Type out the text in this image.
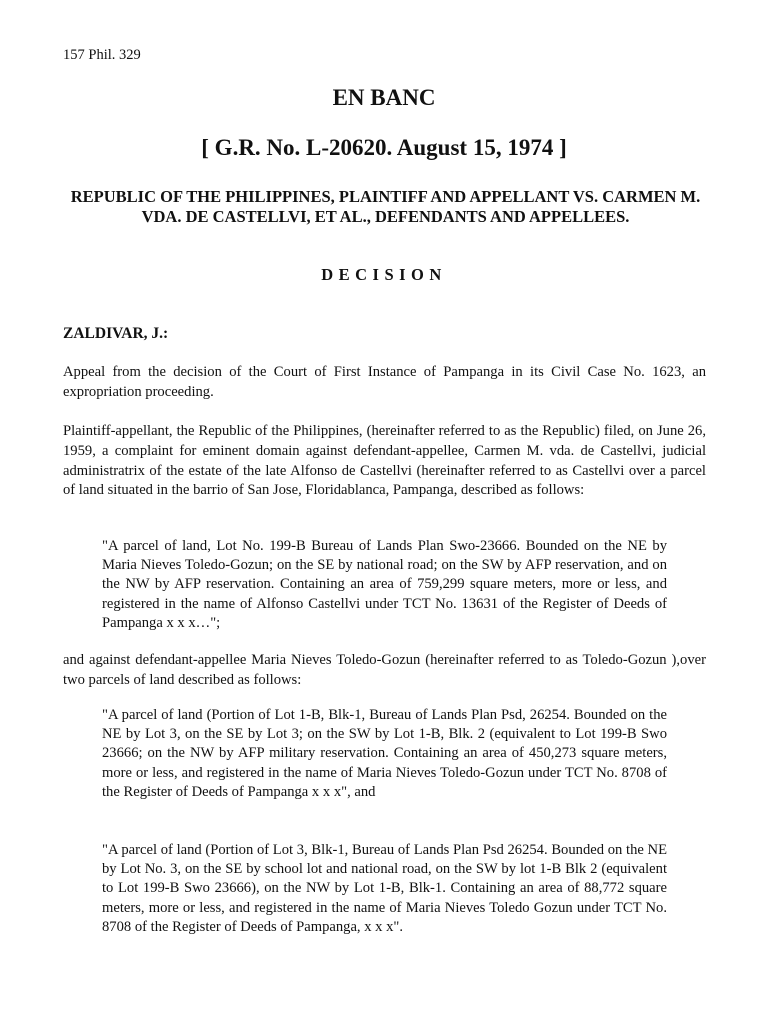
157 Phil. 329
EN BANC
[ G.R. No. L-20620. August 15, 1974 ]
REPUBLIC OF THE PHILIPPINES, PLAINTIFF AND APPELLANT VS. CARMEN M. VDA. DE CASTELLVI, ET AL., DEFENDANTS AND APPELLEES.
DECISION
ZALDIVAR, J.:

Appeal from the decision of the Court of First Instance of Pampanga in its Civil Case No. 1623, an expropriation proceeding.

Plaintiff-appellant, the Republic of the Philippines, (hereinafter referred to as the Republic) filed, on June 26, 1959, a complaint for eminent domain against defendant-appellee, Carmen M. vda. de Castellvi, judicial administratrix of the estate of the late Alfonso de Castellvi (hereinafter referred to as Castellvi over a parcel of land situated in the barrio of San Jose, Floridablanca, Pampanga, described as follows:

"A parcel of land, Lot No. 199-B Bureau of Lands Plan Swo-23666. Bounded on the NE by Maria Nieves Toledo-Gozun; on the SE by national road; on the SW by AFP reservation, and on the NW by AFP reservation. Containing an area of 759,299 square meters, more or less, and registered in the name of Alfonso Castellvi under TCT No. 13631 of the Register of Deeds of Pampanga x x x…";

and against defendant-appellee Maria Nieves Toledo-Gozun (hereinafter referred to as Toledo-Gozun ),over two parcels of land described as follows:

"A parcel of land (Portion of Lot 1-B, Blk-1, Bureau of Lands Plan Psd, 26254. Bounded on the NE by Lot 3, on the SE by Lot 3; on the SW by Lot 1-B, Blk. 2 (equivalent to Lot 199-B Swo 23666; on the NW by AFP military reservation. Containing an area of 450,273 square meters, more or less, and registered in the name of Maria Nieves Toledo-Gozun under TCT No. 8708 of the Register of Deeds of Pampanga x x x", and

"A parcel of land (Portion of Lot 3, Blk-1, Bureau of Lands Plan Psd 26254. Bounded on the NE by Lot No. 3, on the SE by school lot and national road, on the SW by lot 1-B Blk 2 (equivalent to Lot 199-B Swo 23666), on the NW by Lot 1-B, Blk-1. Containing an area of 88,772 square meters, more or less, and registered in the name of Maria Nieves Toledo Gozun under TCT No. 8708 of the Register of Deeds of Pampanga, x x x".
